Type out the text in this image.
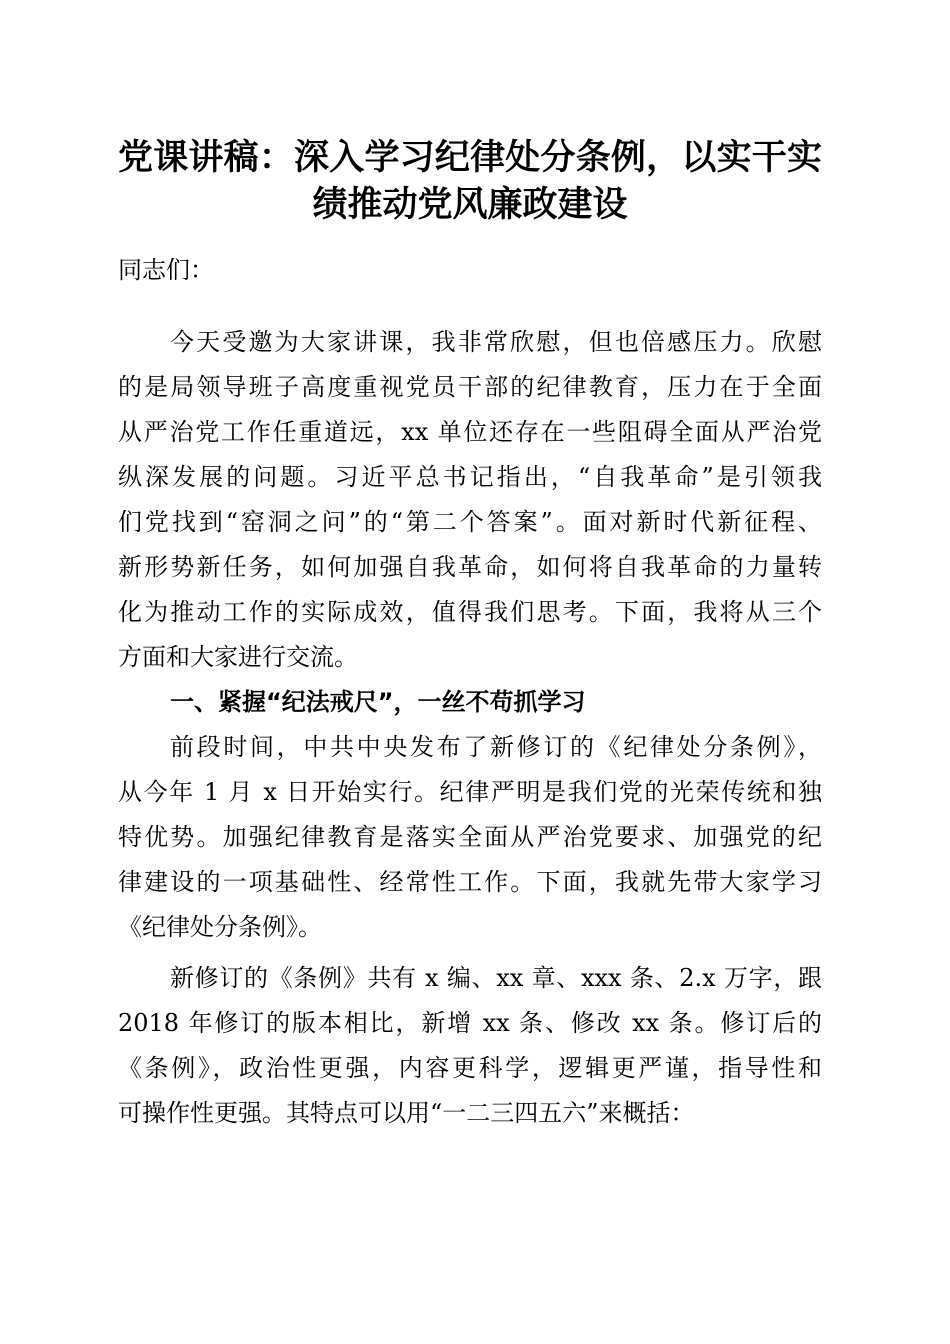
党课讲稿：深入学习纪律处分条例，以实干实
绩推动党风廉政建设
同志们：
今天受邀为大家讲课，我非常欣慰，但也倍感压力。欣慰
的是局领导班子高度重视党员干部的纪律教育，压力在于全面
从严治党工作任重道远，xx 单位还存在一些阻碍全面从严治党
纵深发展的问题。习近平总书记指出，“自我革命”是引领我
们党找到“窑洞之问”的“第二个答案”。面对新时代新征程、
新形势新任务，如何加强自我革命，如何将自我革命的力量转
化为推动工作的实际成效，值得我们思考。下面，我将从三个
方面和大家进行交流。
一、紧握“纪法戒尺”，一丝不苟抓学习
前段时间，中共中央发布了新修订的《纪律处分条例》，
从今年 1 月 x 日开始实行。纪律严明是我们党的光荣传统和独
特优势。加强纪律教育是落实全面从严治党要求、加强党的纪
律建设的一项基础性、经常性工作。下面，我就先带大家学习
《纪律处分条例》。
新修订的《条例》共有 x 编、xx 章、xxx 条、2.x 万字，跟
2018 年修订的版本相比，新增 xx 条、修改 xx 条。修订后的
《条例》，政治性更强，内容更科学，逻辑更严谨，指导性和
可操作性更强。其特点可以用“一二三四五六”来概括：
